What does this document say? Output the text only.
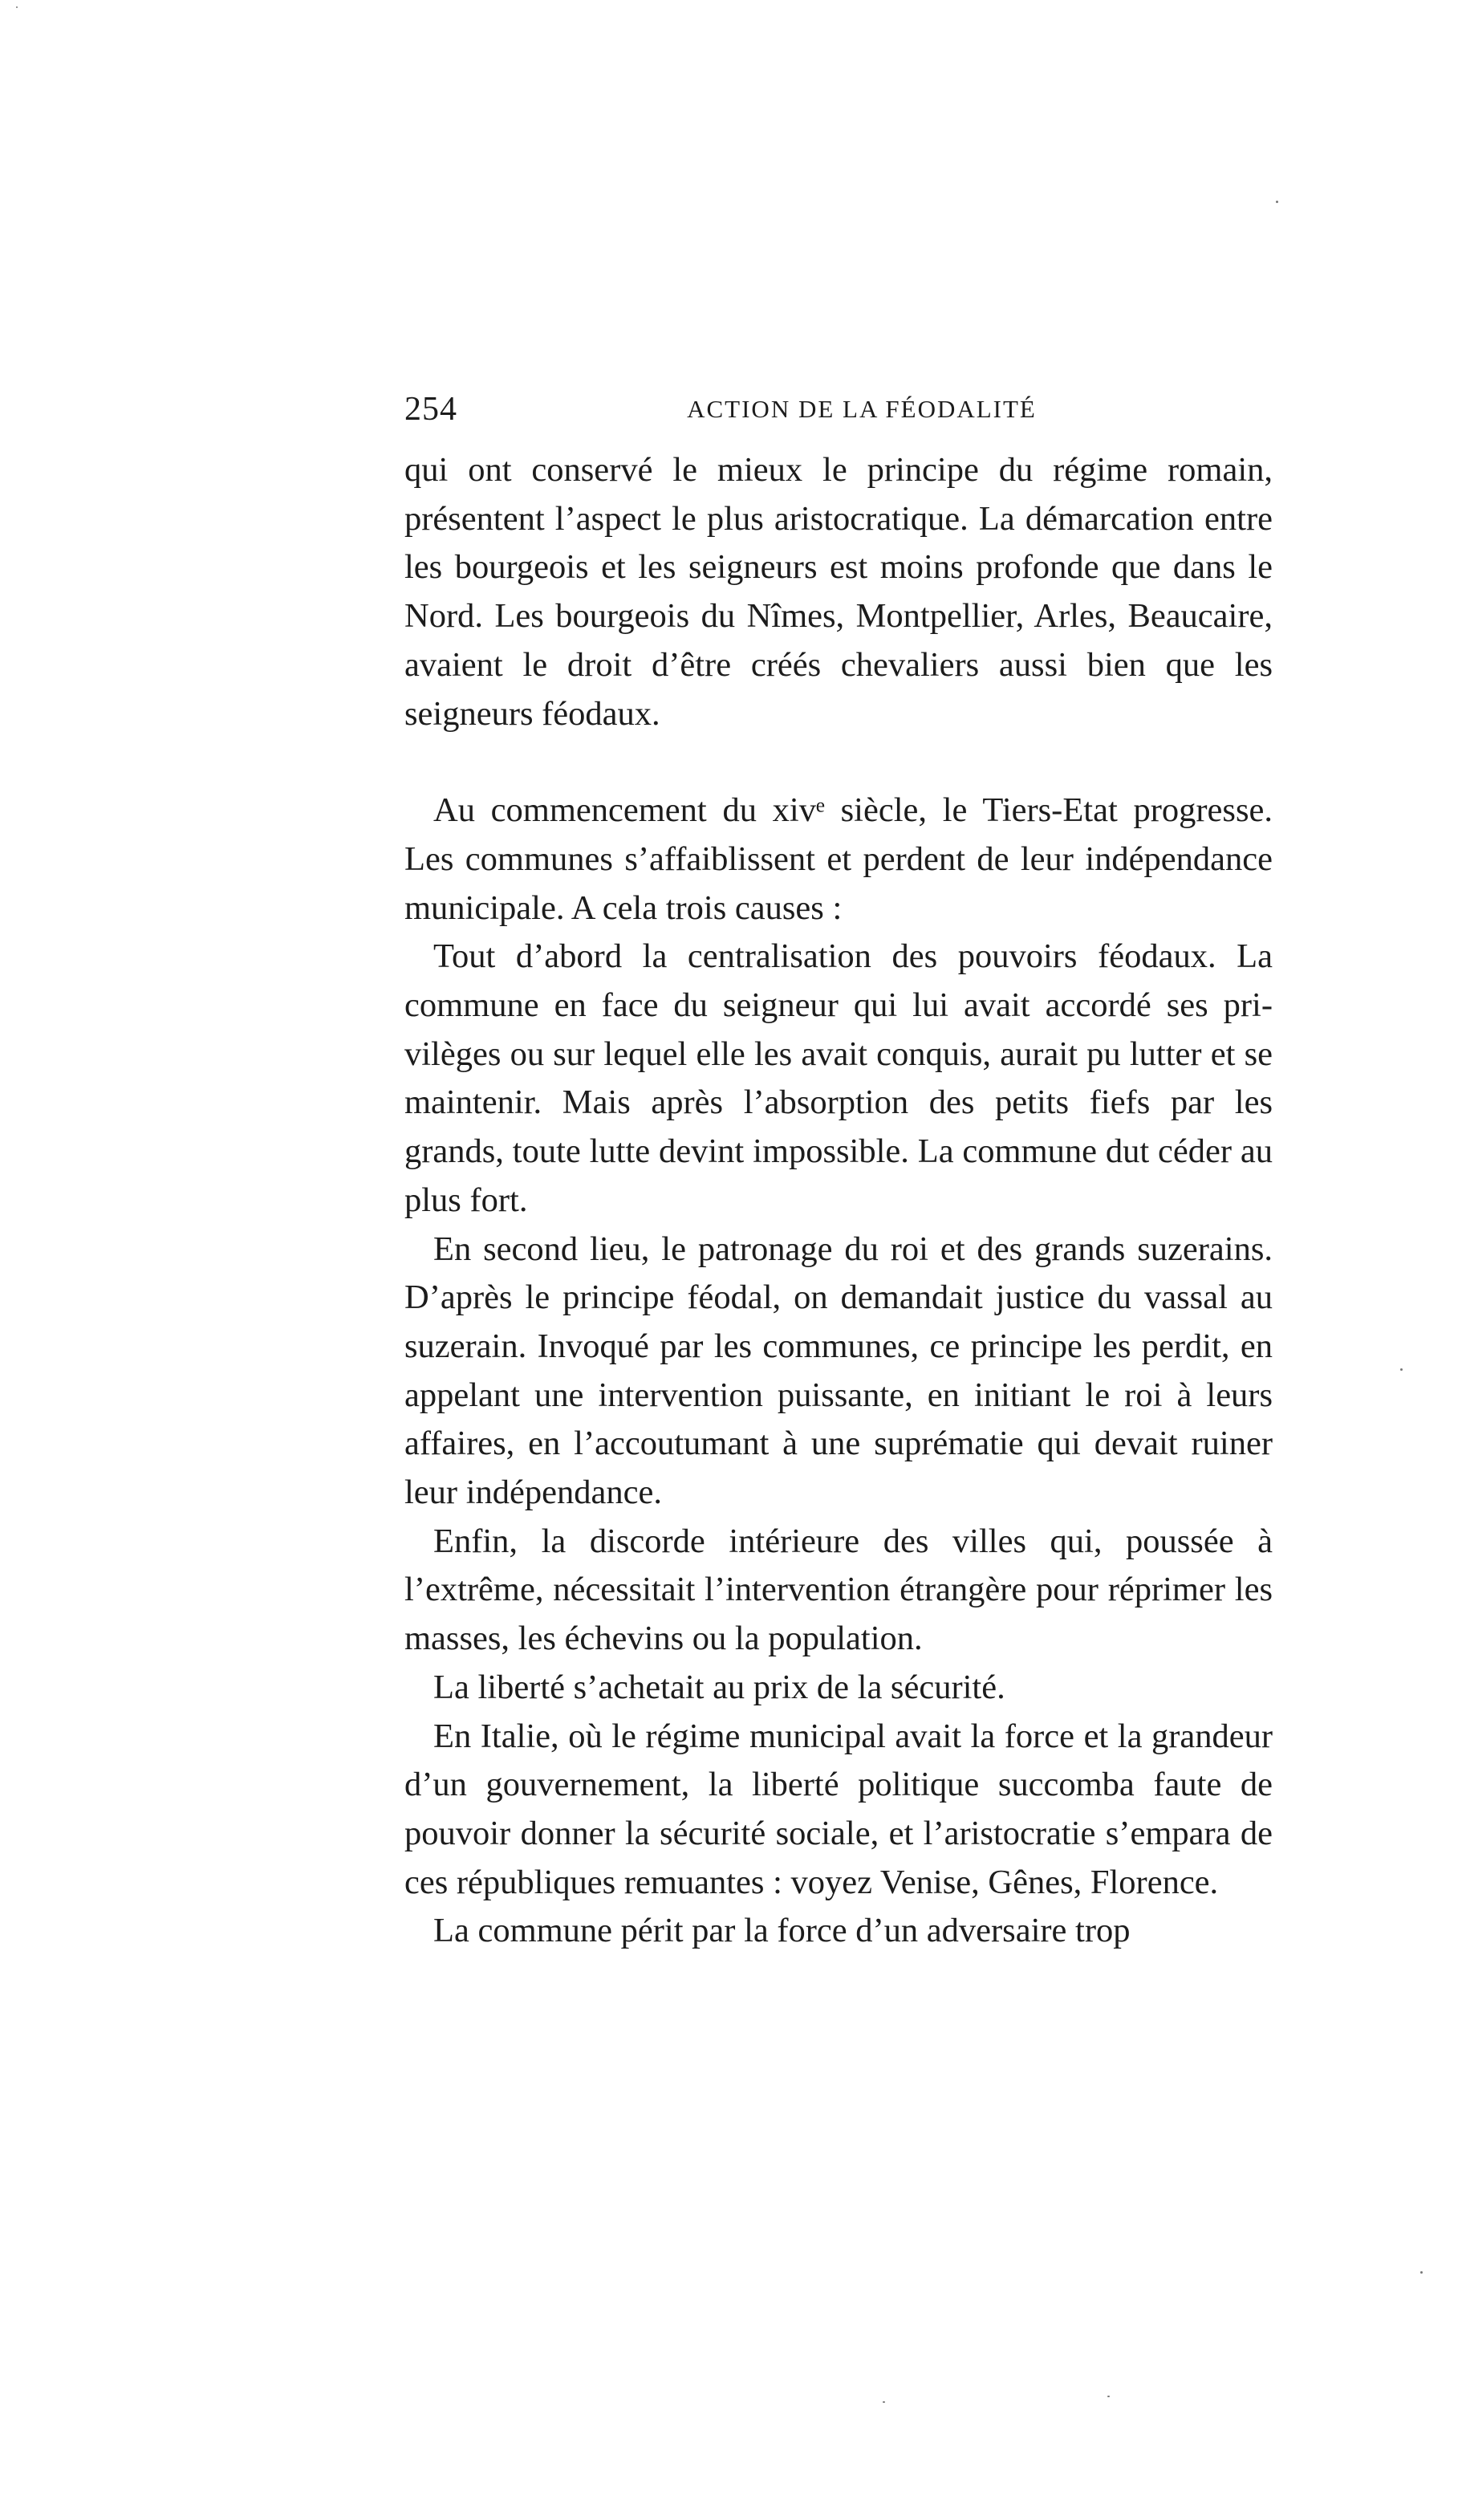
254	ACTION DE LA FÉODALITÉ

qui ont conservé le mieux le principe du régime romain, présentent l’aspect le plus aristocratique. La démarcation entre les bourgeois et les seigneurs est moins profonde que dans le Nord. Les bourgeois du Nîmes, Montpellier, Arles, Beaucaire, avaient le droit d’être créés chevaliers aussi bien que les seigneurs féodaux.

Au commencement du xivᵉ siècle, le Tiers-Etat progresse. Les communes s’affaiblissent et perdent de leur indépendance municipale. A cela trois causes :

Tout d’abord la centralisation des pouvoirs féodaux. La commune en face du seigneur qui lui avait accordé ses privilèges ou sur lequel elle les avait conquis, aurait pu lutter et se maintenir. Mais après l’absorption des petits fiefs par les grands, toute lutte devint impossible. La commune dut céder au plus fort.

En second lieu, le patronage du roi et des grands suzerains. D’après le principe féodal, on demandait justice du vassal au suzerain. Invoqué par les communes, ce principe les perdit, en appelant une intervention puissante, en initiant le roi à leurs affaires, en l’accoutumant à une suprématie qui devait ruiner leur indépendance.

Enfin, la discorde intérieure des villes qui, poussée à l’extrême, nécessitait l’intervention étrangère pour réprimer les masses, les échevins ou la population.

La liberté s’achetait au prix de la sécurité.

En Italie, où le régime municipal avait la force et la grandeur d’un gouvernement, la liberté politique succomba faute de pouvoir donner la sécurité sociale, et l’aristocratie s’empara de ces républiques remuantes : voyez Venise, Gênes, Florence.

La commune périt par la force d’un adversaire trop
